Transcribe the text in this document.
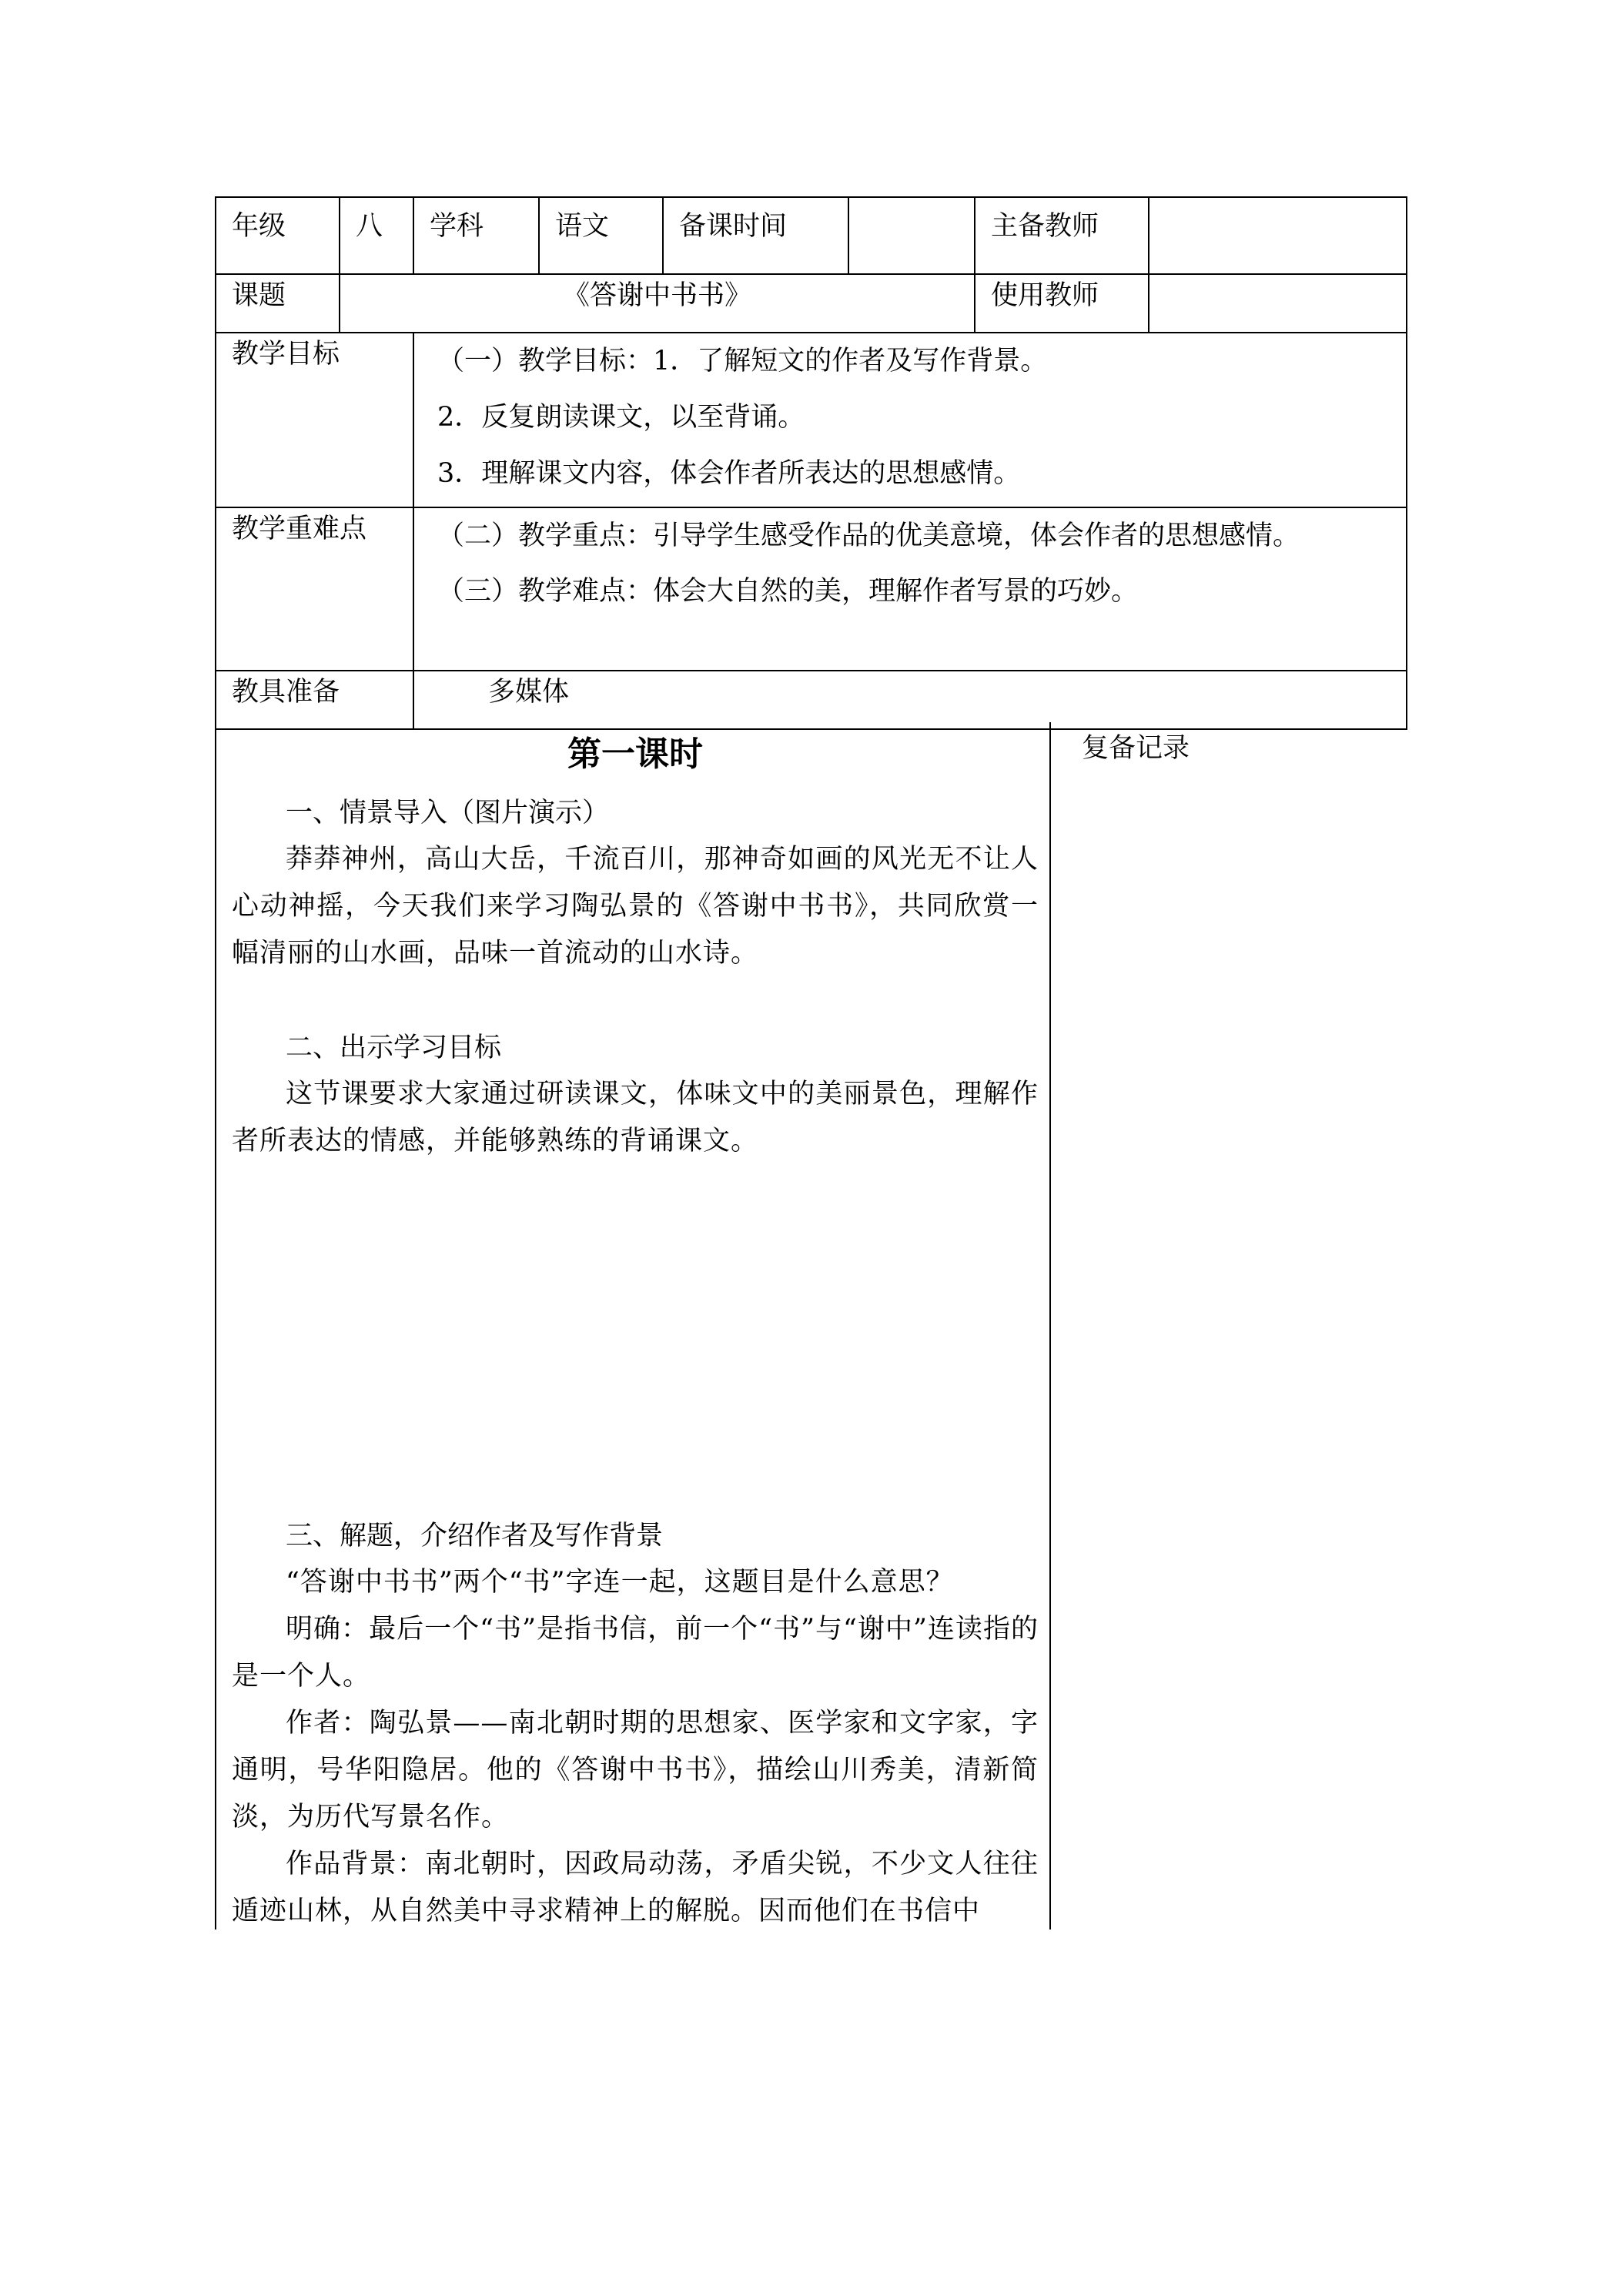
年级	八	学科	语文	备课时间		主备教师	
课题	《答谢中书书》					使用教师	
教学目标		（一）教学目标：1．了解短文的作者及写作背景。
2．反复朗读课文，以至背诵。
3．理解课文内容，体会作者所表达的思想感情。					

教学重难点		（二）教学重点：引导学生感受作品的优美意境，体会作者的思想感情。
（三）教学难点：体会大自然的美，理解作者写景的巧妙。					

教具准备		多媒体					
第一课时

一、情景导入（图片演示）

莽莽神州，高山大岳，千流百川，那神奇如画的风光无不让人心动神摇，今天我们来学习陶弘景的《答谢中书书》，共同欣赏一幅清丽的山水画，品味一首流动的山水诗。

二、出示学习目标

这节课要求大家通过研读课文，体味文中的美丽景色，理解作者所表达的情感，并能够熟练的背诵课文。

三、解题，介绍作者及写作背景

“答谢中书书”两个“书”字连一起，这题目是什么意思？

明确：最后一个“书”是指书信，前一个“书”与“谢中”连读指的是一个人。

作者：陶弘景——南北朝时期的思想家、医学家和文字家，字通明，号华阳隐居。他的《答谢中书书》，描绘山川秀美，清新简淡，为历代写景名作。

作品背景：南北朝时，因政局动荡，矛盾尖锐，不少文人往往遁迹山林，从自然美中寻求精神上的解脱。因而他们在书信中

复备记录
